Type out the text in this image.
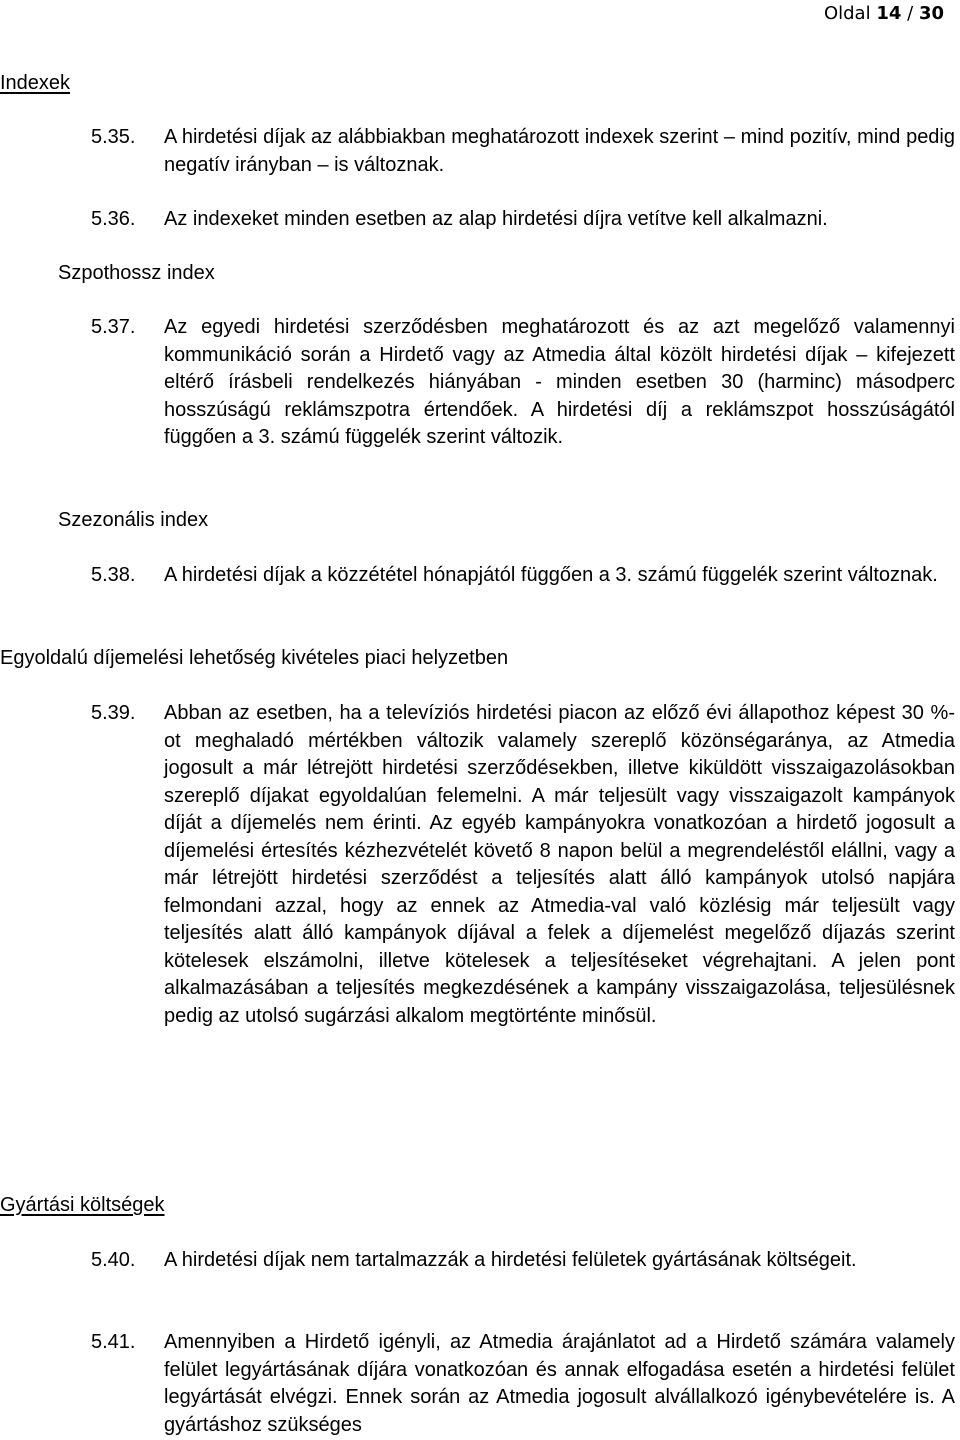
Oldal 14 / 30
Indexek
5.35. A hirdetési díjak az alábbiakban meghatározott indexek szerint – mind pozitív, mind pedig negatív irányban – is változnak.
5.36. Az indexeket minden esetben az alap hirdetési díjra vetítve kell alkalmazni.
Szpothossz index
5.37. Az egyedi hirdetési szerződésben meghatározott és az azt megelőző valamennyi kommunikáció során a Hirdető vagy az Atmedia által közölt hirdetési díjak – kifejezett eltérő írásbeli rendelkezés hiányában - minden esetben 30 (harminc) másodperc hosszúságú reklámszpotra értendőek. A hirdetési díj a reklámszpot hosszúságától függően a 3. számú függelék szerint változik.
Szezonális index
5.38. A hirdetési díjak a közzététel hónapjától függően a 3. számú függelék szerint változnak.
Egyoldalú díjemelési lehetőség kivételes piaci helyzetben
5.39. Abban az esetben, ha a televíziós hirdetési piacon az előző évi állapothoz képest 30 %-ot meghaladó mértékben változik valamely szereplő közönségaránya, az Atmedia jogosult a már létrejött hirdetési szerződésekben, illetve kiküldött visszaigazolásokban szereplő díjakat egyoldalúan felemelni. A már teljesült vagy visszaigazolt kampányok díját a díjemelés nem érinti. Az egyéb kampányokra vonatkozóan a hirdető jogosult a díjemelési értesítés kézhezvételét követő 8 napon belül a megrendeléstől elállni, vagy a már létrejött hirdetési szerződést a teljesítés alatt álló kampányok utolsó napjára felmondani azzal, hogy az ennek az Atmedia-val való közlésig már teljesült vagy teljesítés alatt álló kampányok díjával a felek a díjemelést megelőző díjazás szerint kötelesek elszámolni, illetve kötelesek a teljesítéseket végrehajtani. A jelen pont alkalmazásában a teljesítés megkezdésének a kampány visszaigazolása, teljesülésnek pedig az utolsó sugárzási alkalom megtörténte minősül.
Gyártási költségek
5.40. A hirdetési díjak nem tartalmazzák a hirdetési felületek gyártásának költségeit.
5.41. Amennyiben a Hirdető igényli, az Atmedia árajánlatot ad a Hirdető számára valamely felület legyártásának díjára vonatkozóan és annak elfogadása esetén a hirdetési felület legyártását elvégzi. Ennek során az Atmedia jogosult alvállalkozó igénybevételére is. A gyártáshoz szükséges
